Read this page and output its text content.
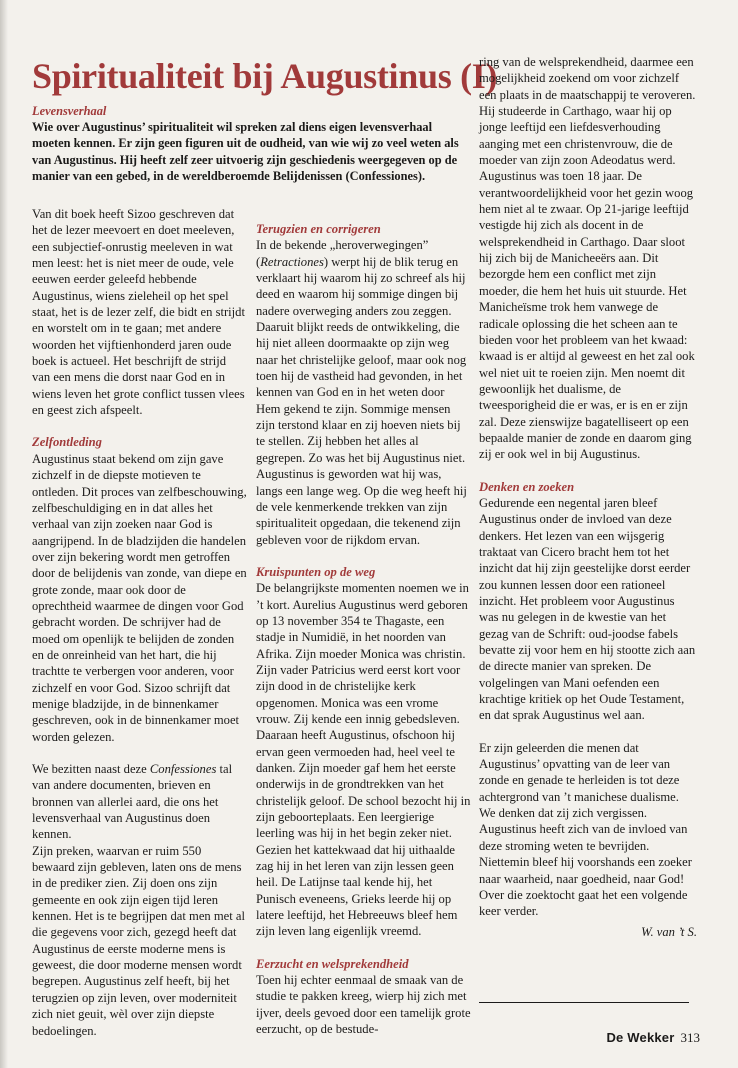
Spiritualiteit bij Augustinus (I)
Levensverhaal

Wie over Augustinus’ spiritualiteit wil spreken zal diens eigen levensverhaal moeten kennen. Er zijn geen figuren uit de oudheid, van wie wij zo veel weten als van Augustinus. Hij heeft zelf zeer uitvoerig zijn geschiedenis weergegeven op de manier van een gebed, in de wereldberoemde Belijdenissen (Confessiones).

Van dit boek heeft Sizoo geschreven dat het de lezer meevoert en doet meeleven, een subjectief-onrustig meeleven in wat men leest: het is niet meer de oude, vele eeuwen eerder geleefd hebbende Augustinus, wiens zieleheil op het spel staat, het is de lezer zelf, die bidt en strijdt en worstelt om in te gaan; met andere woorden het vijftienhonderd jaren oude boek is actueel. Het beschrijft de strijd van een mens die dorst naar God en in wiens leven het grote conflict tussen vlees en geest zich afspeelt.

Zelfontleding

Augustinus staat bekend om zijn gave zichzelf in de diepste motieven te ontleden. Dit proces van zelfbeschouwing, zelfbeschuldiging en in dat alles het verhaal van zijn zoeken naar God is aangrijpend. In de bladzijden die handelen over zijn bekering wordt men getroffen door de belijdenis van zonde, van diepe en grote zonde, maar ook door de oprechtheid waarmee de dingen voor God gebracht worden. De schrijver had de moed om openlijk te belijden de zonden en de onreinheid van het hart, die hij trachtte te verbergen voor anderen, voor zichzelf en voor God. Sizoo schrijft dat menige bladzijde, in de binnenkamer geschreven, ook in de binnenkamer moet worden gelezen.

We bezitten naast deze Confessiones tal van andere documenten, brieven en bronnen van allerlei aard, die ons het levensverhaal van Augustinus doen kennen.

Zijn preken, waarvan er ruim 550 bewaard zijn gebleven, laten ons de mens in de prediker zien. Zij doen ons zijn gemeente en ook zijn eigen tijd leren kennen. Het is te begrijpen dat men met al die gegevens voor zich, gezegd heeft dat Augustinus de eerste moderne mens is geweest, die door moderne mensen wordt begrepen. Augustinus zelf heeft, bij het terugzien op zijn leven, over moderniteit zich niet geuit, wèl over zijn diepste bedoelingen.

Terugzien en corrigeren

In de bekende „heroverwegingen” (Retractiones) werpt hij de blik terug en verklaart hij waarom hij zo schreef als hij deed en waarom hij sommige dingen bij nadere overweging anders zou zeggen. Daaruit blijkt reeds de ontwikkeling, die hij niet alleen doormaakte op zijn weg naar het christelijke geloof, maar ook nog toen hij de vastheid had gevonden, in het kennen van God en in het weten door Hem gekend te zijn. Sommige mensen zijn terstond klaar en zij hoeven niets bij te stellen. Zij hebben het alles al gegrepen. Zo was het bij Augustinus niet. Augustinus is geworden wat hij was, langs een lange weg. Op die weg heeft hij de vele kenmerkende trekken van zijn spiritualiteit opgedaan, die tekenend zijn gebleven voor de rijkdom ervan.

Kruispunten op de weg

De belangrijkste momenten noemen we in ’t kort. Aurelius Augustinus werd geboren op 13 november 354 te Thagaste, een stadje in Numidië, in het noorden van Afrika. Zijn moeder Monica was christin. Zijn vader Patricius werd eerst kort voor zijn dood in de christelijke kerk opgenomen. Monica was een vrome vrouw. Zij kende een innig gebedsleven. Daaraan heeft Augustinus, ofschoon hij ervan geen vermoeden had, heel veel te danken. Zijn moeder gaf hem het eerste onderwijs in de grondtrekken van het christelijk geloof. De school bezocht hij in zijn geboorteplaats. Een leergierige leerling was hij in het begin zeker niet. Gezien het kattekwaad dat hij uithaalde zag hij in het leren van zijn lessen geen heil. De Latijnse taal kende hij, het Punisch eveneens, Grieks leerde hij op latere leeftijd, het Hebreeuws bleef hem zijn leven lang eigenlijk vreemd.

Eerzucht en welsprekendheid

Toen hij echter eenmaal de smaak van de studie te pakken kreeg, wierp hij zich met ijver, deels gevoed door een tamelijk grote eerzucht, op de bestude-

ring van de welsprekendheid, daarmee een mogelijkheid zoekend om voor zichzelf een plaats in de maatschappij te veroveren. Hij studeerde in Carthago, waar hij op jonge leeftijd een liefdesverhouding aanging met een christenvrouw, die de moeder van zijn zoon Adeodatus werd. Augustinus was toen 18 jaar. De verantwoordelijkheid voor het gezin woog hem niet al te zwaar. Op 21-jarige leeftijd vestigde hij zich als docent in de welsprekendheid in Carthago. Daar sloot hij zich bij de Manicheeërs aan. Dit bezorgde hem een conflict met zijn moeder, die hem het huis uit stuurde. Het Manicheïsme trok hem vanwege de radicale oplossing die het scheen aan te bieden voor het probleem van het kwaad: kwaad is er altijd al geweest en het zal ook wel niet uit te roeien zijn. Men noemt dit gewoonlijk het dualisme, de tweesporigheid die er was, er is en er zijn zal. Deze zienswijze bagatelliseert op een bepaalde manier de zonde en daarom ging zij er ook wel in bij Augustinus.

Denken en zoeken

Gedurende een negental jaren bleef Augustinus onder de invloed van deze denkers. Het lezen van een wijsgerig traktaat van Cicero bracht hem tot het inzicht dat hij zijn geestelijke dorst eerder zou kunnen lessen door een rationeel inzicht. Het probleem voor Augustinus was nu gelegen in de kwestie van het gezag van de Schrift: oud-joodse fabels bevatte zij voor hem en hij stootte zich aan de directe manier van spreken. De volgelingen van Mani oefenden een krachtige kritiek op het Oude Testament, en dat sprak Augustinus wel aan.

Er zijn geleerden die menen dat Augustinus’ opvatting van de leer van zonde en genade te herleiden is tot deze achtergrond van ’t manichese dualisme. We denken dat zij zich vergissen. Augustinus heeft zich van de invloed van deze stroming weten te bevrijden. Niettemin bleef hij voorshands een zoeker naar waarheid, naar goedheid, naar God! Over die zoektocht gaat het een volgende keer verder.

W. van ’t S.
De Wekker 313
